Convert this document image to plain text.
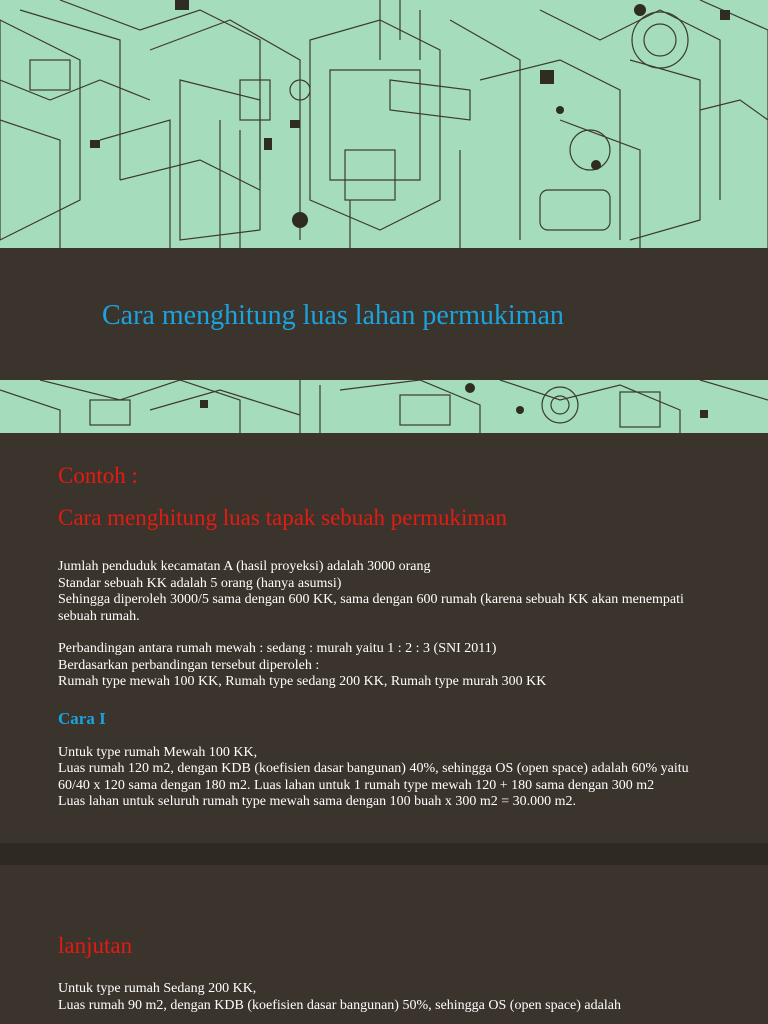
Cara menghitung luas lahan permukiman

Contoh :

Cara menghitung luas tapak sebuah permukiman

Jumlah penduduk kecamatan A (hasil proyeksi) adalah 3000 orang

Standar sebuah KK adalah 5 orang (hanya asumsi)

Sehingga diperoleh 3000/5 sama dengan 600 KK, sama dengan 600 rumah (karena sebuah KK akan menempati sebuah rumah.

Perbandingan antara rumah mewah : sedang : murah yaitu 1 : 2 : 3 (SNI 2011)

Berdasarkan perbandingan tersebut diperoleh :

Rumah type mewah 100 KK, Rumah type sedang 200 KK, Rumah type murah 300 KK

Cara I

Untuk type rumah Mewah 100 KK,

Luas rumah 120 m2, dengan KDB (koefisien dasar bangunan) 40%, sehingga OS (open space) adalah 60% yaitu 60/40 x 120 sama dengan 180 m2. Luas lahan untuk 1 rumah type mewah 120 + 180 sama dengan 300 m2

Luas lahan untuk seluruh rumah type mewah sama dengan 100 buah x 300 m2 = 30.000 m2.

lanjutan

Untuk type rumah Sedang 200 KK,

Luas rumah 90 m2, dengan KDB (koefisien dasar bangunan) 50%, sehingga OS (open space) adalah
